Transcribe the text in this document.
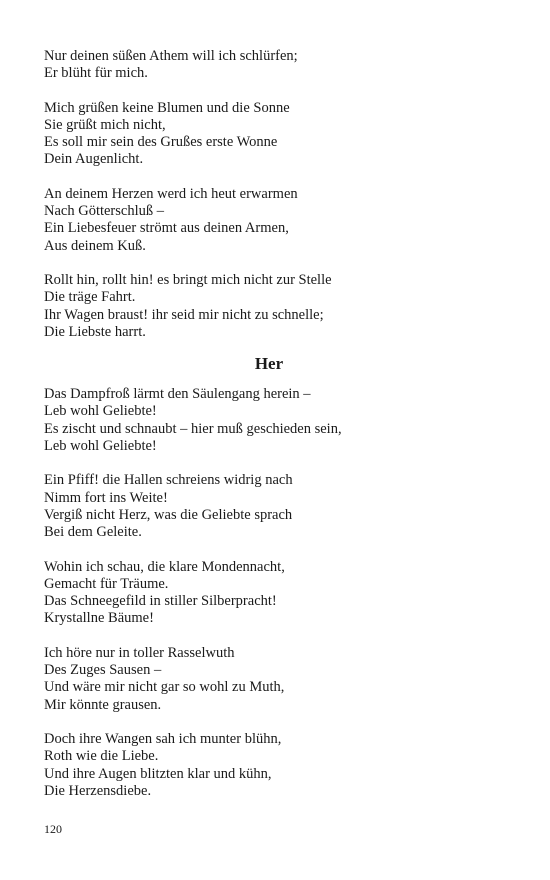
Nur deinen süßen Athem will ich schlürfen;
Er blüht für mich.
Mich grüßen keine Blumen und die Sonne
Sie grüßt mich nicht,
Es soll mir sein des Grußes erste Wonne
Dein Augenlicht.
An deinem Herzen werd ich heut erwarmen
Nach Götterschluß –
Ein Liebesfeuer strömt aus deinen Armen,
Aus deinem Kuß.
Rollt hin, rollt hin! es bringt mich nicht zur Stelle
Die träge Fahrt.
Ihr Wagen braust! ihr seid mir nicht zu schnelle;
Die Liebste harrt.
Her
Das Dampfroß lärmt den Säulengang herein –
Leb wohl Geliebte!
Es zischt und schnaubt – hier muß geschieden sein,
Leb wohl Geliebte!
Ein Pfiff! die Hallen schreiens widrig nach
Nimm fort ins Weite!
Vergiß nicht Herz, was die Geliebte sprach
Bei dem Geleite.
Wohin ich schau, die klare Mondennacht,
Gemacht für Träume.
Das Schneegefild in stiller Silberpracht!
Krystallne Bäume!
Ich höre nur in toller Rasselwuth
Des Zuges Sausen –
Und wäre mir nicht gar so wohl zu Muth,
Mir könnte grausen.
Doch ihre Wangen sah ich munter blühn,
Roth wie die Liebe.
Und ihre Augen blitzten klar und kühn,
Die Herzensdiebe.
120
